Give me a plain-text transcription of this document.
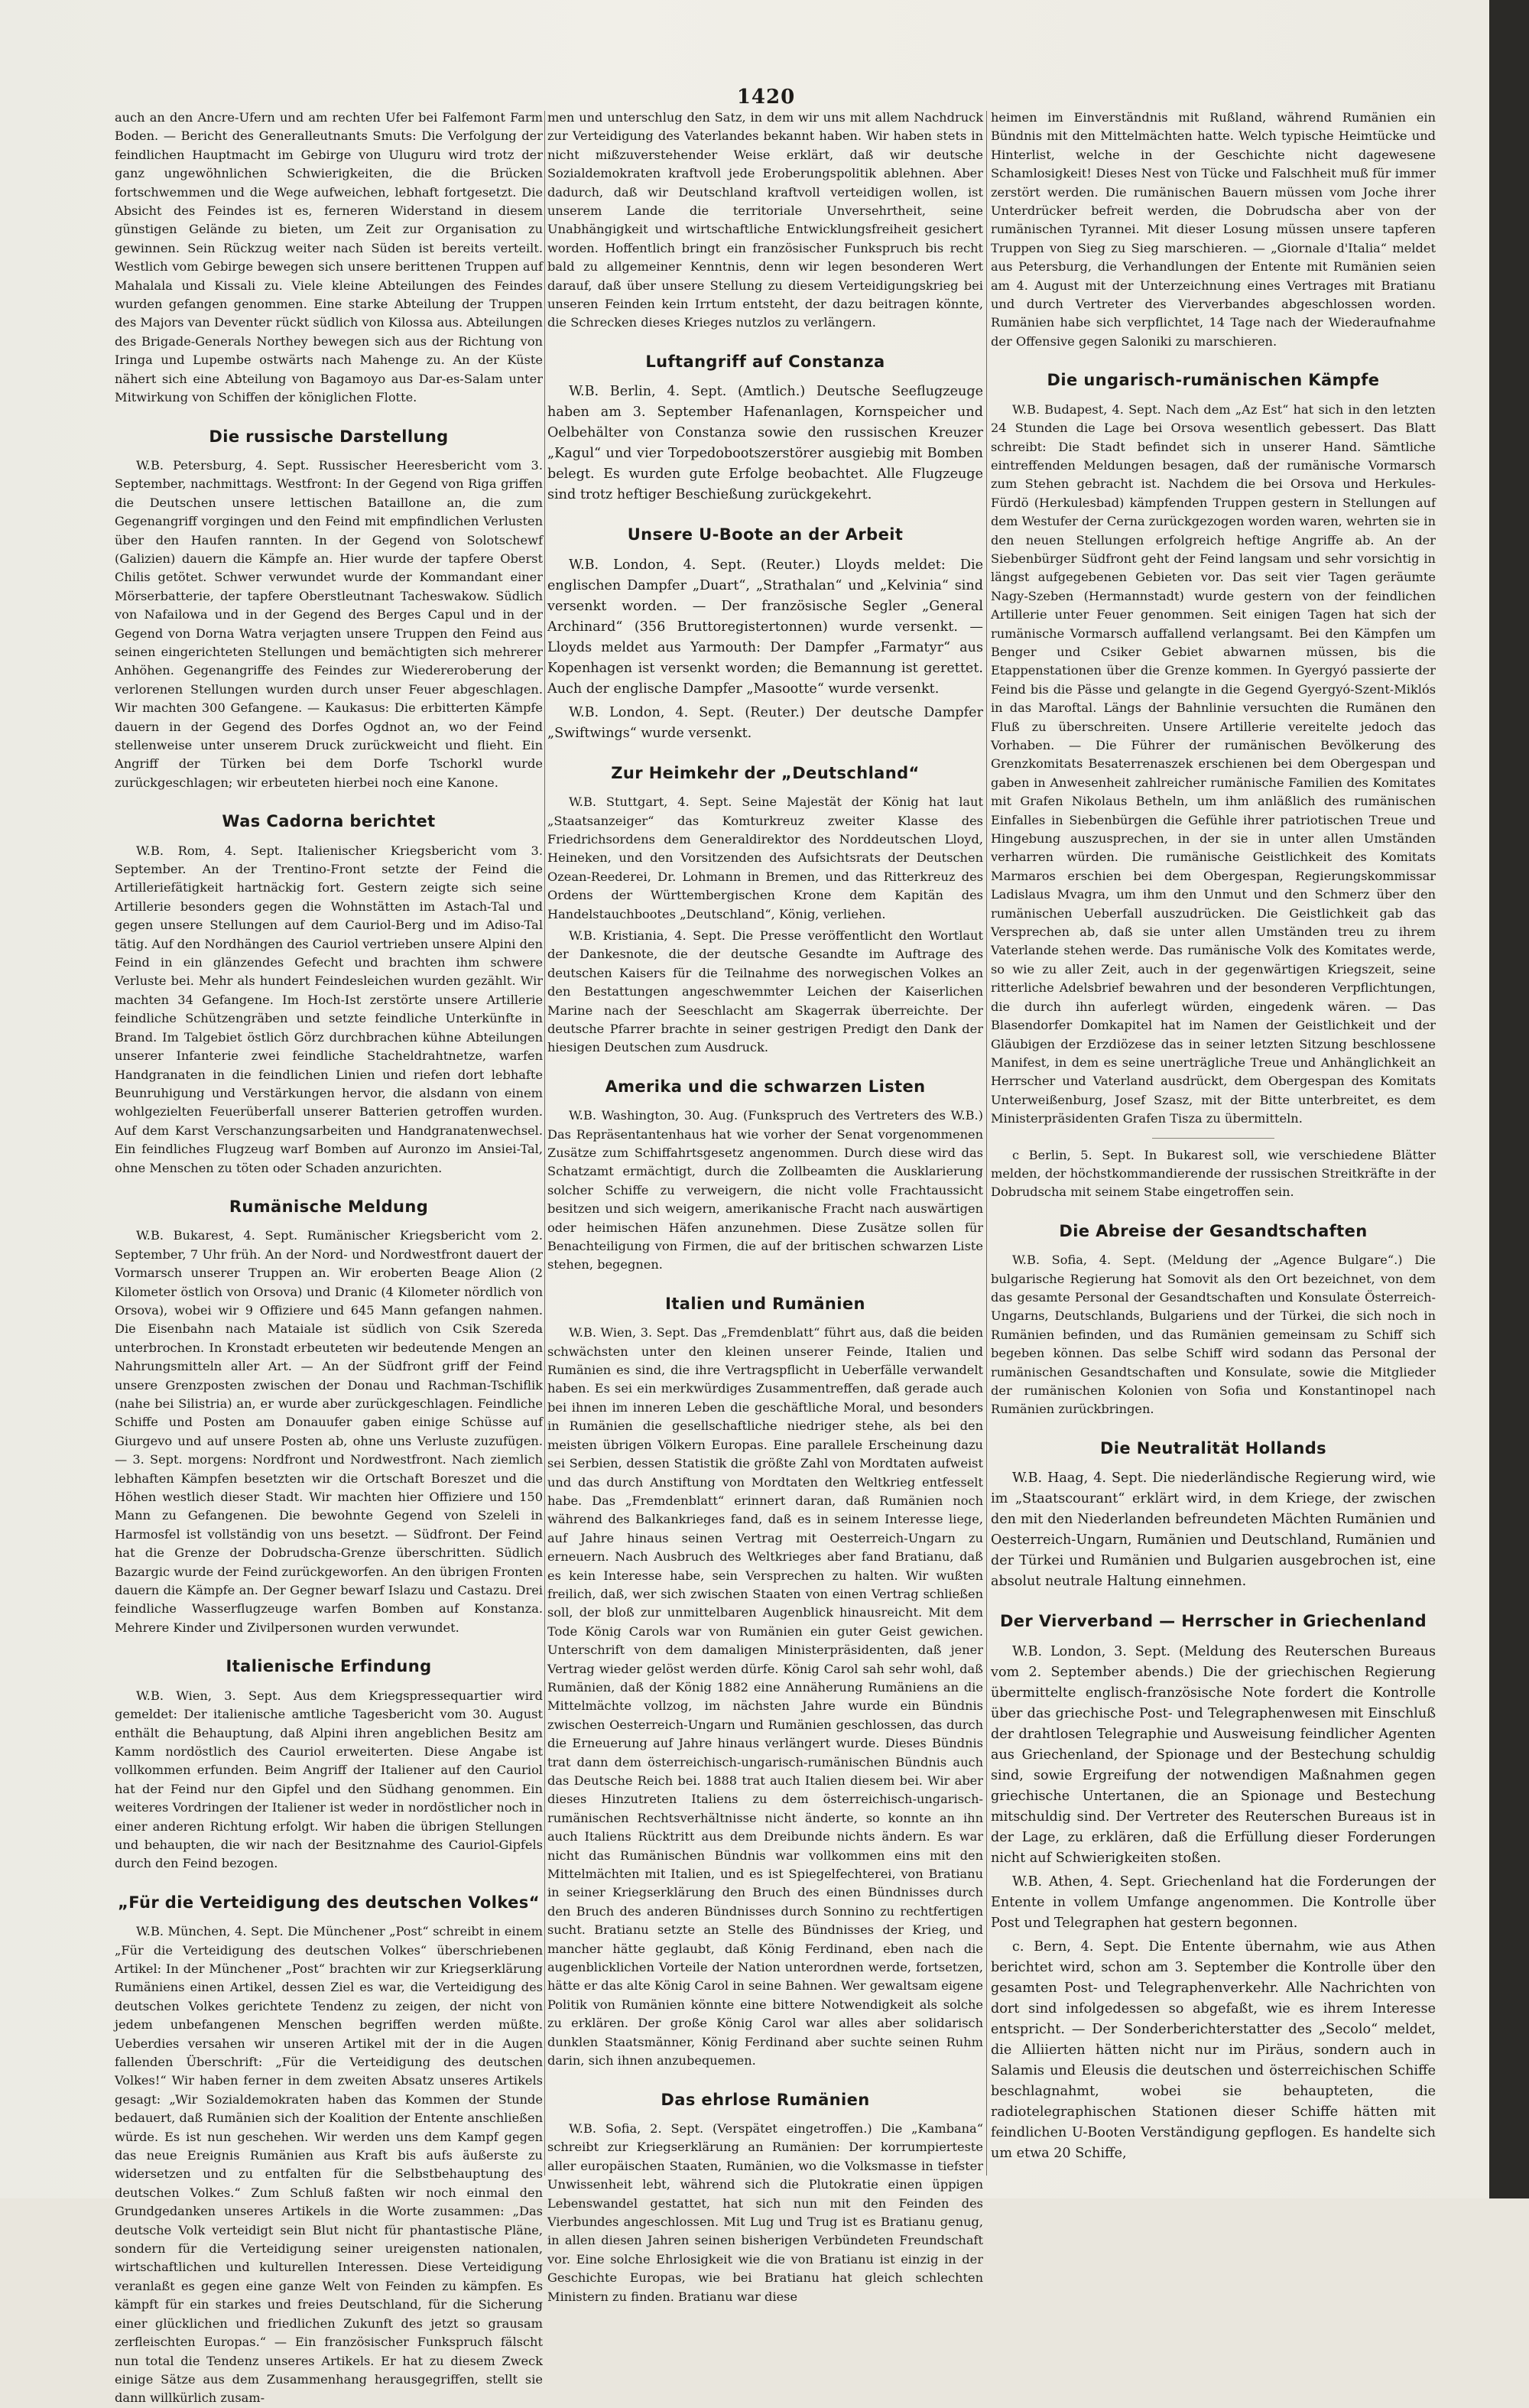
1420

auch an den Ancre-Ufern und am rechten Ufer bei Falfemont Farm Boden. — Bericht des Generalleutnants Smuts: Die Verfolgung der feindlichen Hauptmacht im Gebirge von Uluguru wird trotz der ganz ungewöhnlichen Schwierigkeiten, die die Brücken fortschwemmen und die Wege aufweichen, lebhaft fortgesetzt. Die Absicht des Feindes ist es, ferneren Widerstand in diesem günstigen Gelände zu bieten, um Zeit zur Organisation zu gewinnen. Sein Rückzug weiter nach Süden ist bereits verteilt. Westlich vom Gebirge bewegen sich unsere berittenen Truppen auf Mahalala und Kissali zu. Viele kleine Abteilungen des Feindes wurden gefangen genommen. Eine starke Abteilung der Truppen des Majors van Deventer rückt südlich von Kilossa aus. Abteilungen des Brigade-Generals Northey bewegen sich aus der Richtung von Iringa und Lupembe ostwärts nach Mahenge zu. An der Küste nähert sich eine Abteilung von Bagamoyo aus Dar-es-Salam unter Mitwirkung von Schiffen der königlichen Flotte.

Die russische Darstellung

W.B. Petersburg, 4. Sept. Russischer Heeresbericht vom 3. September, nachmittags. Westfront: In der Gegend von Riga griffen die Deutschen unsere lettischen Bataillone an, die zum Gegenangriff vorgingen und den Feind mit empfindlichen Verlusten über den Haufen rannten. In der Gegend von Solotschewf (Galizien) dauern die Kämpfe an. Hier wurde der tapfere Oberst Chilis getötet. Schwer verwundet wurde der Kommandant einer Mörserbatterie, der tapfere Oberstleutnant Tacheswakow. Südlich von Nafailowa und in der Gegend des Berges Capul und in der Gegend von Dorna Watra verjagten unsere Truppen den Feind aus seinen eingerichteten Stellungen und bemächtigten sich mehrerer Anhöhen. Gegenangriffe des Feindes zur Wiedereroberung der verlorenen Stellungen wurden durch unser Feuer abgeschlagen. Wir machten 300 Gefangene. — Kaukasus: Die erbitterten Kämpfe dauern in der Gegend des Dorfes Ogdnot an, wo der Feind stellenweise unter unserem Druck zurückweicht und flieht. Ein Angriff der Türken bei dem Dorfe Tschorkl wurde zurückgeschlagen; wir erbeuteten hierbei noch eine Kanone.

Was Cadorna berichtet

W.B. Rom, 4. Sept. Italienischer Kriegsbericht vom 3. September. An der Trentino-Front setzte der Feind die Artilleriefätigkeit hartnäckig fort. Gestern zeigte sich seine Artillerie besonders gegen die Wohnstätten im Astach-Tal und gegen unsere Stellungen auf dem Cauriol-Berg und im Adiso-Tal tätig. Auf den Nordhängen des Cauriol vertrieben unsere Alpini den Feind in ein glänzendes Gefecht und brachten ihm schwere Verluste bei. Mehr als hundert Feindesleichen wurden gezählt. Wir machten 34 Gefangene. Im Hoch-Ist zerstörte unsere Artillerie feindliche Schützengräben und setzte feindliche Unterkünfte in Brand. Im Talgebiet östlich Görz durchbrachen kühne Abteilungen unserer Infanterie zwei feindliche Stacheldrahtnetze, warfen Handgranaten in die feindlichen Linien und riefen dort lebhafte Beunruhigung und Verstärkungen hervor, die alsdann von einem wohlgezielten Feuerüberfall unserer Batterien getroffen wurden. Auf dem Karst Verschanzungsarbeiten und Handgranatenwechsel. Ein feindliches Flugzeug warf Bomben auf Auronzo im Ansiei-Tal, ohne Menschen zu töten oder Schaden anzurichten.

Rumänische Meldung

W.B. Bukarest, 4. Sept. Rumänischer Kriegsbericht vom 2. September, 7 Uhr früh. An der Nord- und Nordwestfront dauert der Vormarsch unserer Truppen an. Wir eroberten Beage Alion (2 Kilometer östlich von Orsova) und Dranic (4 Kilometer nördlich von Orsova), wobei wir 9 Offiziere und 645 Mann gefangen nahmen. Die Eisenbahn nach Mataiale ist südlich von Csik Szereda unterbrochen. In Kronstadt erbeuteten wir bedeutende Mengen an Nahrungsmitteln aller Art. — An der Südfront griff der Feind unsere Grenzposten zwischen der Donau und Rachman-Tschiflik (nahe bei Silistria) an, er wurde aber zurückgeschlagen. Feindliche Schiffe und Posten am Donauufer gaben einige Schüsse auf Giurgevo und auf unsere Posten ab, ohne uns Verluste zuzufügen. — 3. Sept. morgens: Nordfront und Nordwestfront. Nach ziemlich lebhaften Kämpfen besetzten wir die Ortschaft Boreszet und die Höhen westlich dieser Stadt. Wir machten hier Offiziere und 150 Mann zu Gefangenen. Die bewohnte Gegend von Szeleli in Harmosfel ist vollständig von uns besetzt. — Südfront. Der Feind hat die Grenze der Dobrudscha-Grenze überschritten. Südlich Bazargic wurde der Feind zurückgeworfen. An den übrigen Fronten dauern die Kämpfe an. Der Gegner bewarf Islazu und Castazu. Drei feindliche Wasserflugzeuge warfen Bomben auf Konstanza. Mehrere Kinder und Zivilpersonen wurden verwundet.

Italienische Erfindung

W.B. Wien, 3. Sept. Aus dem Kriegspressequartier wird gemeldet: Der italienische amtliche Tagesbericht vom 30. August enthält die Behauptung, daß Alpini ihren angeblichen Besitz am Kamm nordöstlich des Cauriol erweiterten. Diese Angabe ist vollkommen erfunden. Beim Angriff der Italiener auf den Cauriol hat der Feind nur den Gipfel und den Südhang genommen. Ein weiteres Vordringen der Italiener ist weder in nordöstlicher noch in einer anderen Richtung erfolgt. Wir haben die übrigen Stellungen und behaupten, die wir nach der Besitznahme des Cauriol-Gipfels durch den Feind bezogen.

„Für die Verteidigung des deutschen Volkes“

W.B. München, 4. Sept. Die Münchener „Post“ schreibt in einem „Für die Verteidigung des deutschen Volkes“ überschriebenen Artikel: In der Münchener „Post“ brachten wir zur Kriegserklärung Rumäniens einen Artikel, dessen Ziel es war, die Verteidigung des deutschen Volkes gerichtete Tendenz zu zeigen, der nicht von jedem unbefangenen Menschen begriffen werden müßte. Ueberdies versahen wir unseren Artikel mit der in die Augen fallenden Überschrift: „Für die Verteidigung des deutschen Volkes!“ Wir haben ferner in dem zweiten Absatz unseres Artikels gesagt: „Wir Sozialdemokraten haben das Kommen der Stunde bedauert, daß Rumänien sich der Koalition der Entente anschließen würde. Es ist nun geschehen. Wir werden uns dem Kampf gegen das neue Ereignis Rumänien aus Kraft bis aufs äußerste zu widersetzen und zu entfalten für die Selbstbehauptung des deutschen Volkes.“ Zum Schluß faßten wir noch einmal den Grundgedanken unseres Artikels in die Worte zusammen: „Das deutsche Volk verteidigt sein Blut nicht für phantastische Pläne, sondern für die Verteidigung seiner ureigensten nationalen, wirtschaftlichen und kulturellen Interessen. Diese Verteidigung veranlaßt es gegen eine ganze Welt von Feinden zu kämpfen. Es kämpft für ein starkes und freies Deutschland, für die Sicherung einer glücklichen und friedlichen Zukunft des jetzt so grausam zerfleischten Europas.“ — Ein französischer Funkspruch fälscht nun total die Tendenz unseres Artikels. Er hat zu diesem Zweck einige Sätze aus dem Zusammenhang herausgegriffen, stellt sie dann willkürlich zusam-

men und unterschlug den Satz, in dem wir uns mit allem Nachdruck zur Verteidigung des Vaterlandes bekannt haben. Wir haben stets in nicht mißzuverstehender Weise erklärt, daß wir deutsche Sozialdemokraten kraftvoll jede Eroberungspolitik ablehnen. Aber dadurch, daß wir Deutschland kraftvoll verteidigen wollen, ist unserem Lande die territoriale Unversehrtheit, seine Unabhängigkeit und wirtschaftliche Entwicklungsfreiheit gesichert worden. Hoffentlich bringt ein französischer Funkspruch bis recht bald zu allgemeiner Kenntnis, denn wir legen besonderen Wert darauf, daß über unsere Stellung zu diesem Verteidigungskrieg bei unseren Feinden kein Irrtum entsteht, der dazu beitragen könnte, die Schrecken dieses Krieges nutzlos zu verlängern.

Luftangriff auf Constanza

W.B. Berlin, 4. Sept. (Amtlich.) Deutsche Seeflugzeuge haben am 3. September Hafenanlagen, Kornspeicher und Oelbehälter von Constanza sowie den russischen Kreuzer „Kagul“ und vier Torpedobootszerstörer ausgiebig mit Bomben belegt. Es wurden gute Erfolge beobachtet. Alle Flugzeuge sind trotz heftiger Beschießung zurückgekehrt.

Unsere U-Boote an der Arbeit

W.B. London, 4. Sept. (Reuter.) Lloyds meldet: Die englischen Dampfer „Duart“, „Strathalan“ und „Kelvinia“ sind versenkt worden. — Der französische Segler „General Archinard“ (356 Bruttoregistertonnen) wurde versenkt. — Lloyds meldet aus Yarmouth: Der Dampfer „Farmatyr“ aus Kopenhagen ist versenkt worden; die Bemannung ist gerettet. Auch der englische Dampfer „Masootte“ wurde versenkt.

W.B. London, 4. Sept. (Reuter.) Der deutsche Dampfer „Swiftwings“ wurde versenkt.

Zur Heimkehr der „Deutschland“

W.B. Stuttgart, 4. Sept. Seine Majestät der König hat laut „Staatsanzeiger“ das Komturkreuz zweiter Klasse des Friedrichsordens dem Generaldirektor des Norddeutschen Lloyd, Heineken, und den Vorsitzenden des Aufsichtsrats der Deutschen Ozean-Reederei, Dr. Lohmann in Bremen, und das Ritterkreuz des Ordens der Württembergischen Krone dem Kapitän des Handelstauchbootes „Deutschland“, König, verliehen.

W.B. Kristiania, 4. Sept. Die Presse veröffentlicht den Wortlaut der Dankesnote, die der deutsche Gesandte im Auftrage des deutschen Kaisers für die Teilnahme des norwegischen Volkes an den Bestattungen angeschwemmter Leichen der Kaiserlichen Marine nach der Seeschlacht am Skagerrak überreichte. Der deutsche Pfarrer brachte in seiner gestrigen Predigt den Dank der hiesigen Deutschen zum Ausdruck.

Amerika und die schwarzen Listen

W.B. Washington, 30. Aug. (Funkspruch des Vertreters des W.B.) Das Repräsentantenhaus hat wie vorher der Senat vorgenommenen Zusätze zum Schiffahrtsgesetz angenommen. Durch diese wird das Schatzamt ermächtigt, durch die Zollbeamten die Ausklarierung solcher Schiffe zu verweigern, die nicht volle Frachtaussicht besitzen und sich weigern, amerikanische Fracht nach auswärtigen oder heimischen Häfen anzunehmen. Diese Zusätze sollen für Benachteiligung von Firmen, die auf der britischen schwarzen Liste stehen, begegnen.

Italien und Rumänien

W.B. Wien, 3. Sept. Das „Fremdenblatt“ führt aus, daß die beiden schwächsten unter den kleinen unserer Feinde, Italien und Rumänien es sind, die ihre Vertragspflicht in Ueberfälle verwandelt haben. Es sei ein merkwürdiges Zusammentreffen, daß gerade auch bei ihnen im inneren Leben die geschäftliche Moral, und besonders in Rumänien die gesellschaftliche niedriger stehe, als bei den meisten übrigen Völkern Europas. Eine parallele Erscheinung dazu sei Serbien, dessen Statistik die größte Zahl von Mordtaten aufweist und das durch Anstiftung von Mordtaten den Weltkrieg entfesselt habe. Das „Fremdenblatt“ erinnert daran, daß Rumänien noch während des Balkankrieges fand, daß es in seinem Interesse liege, auf Jahre hinaus seinen Vertrag mit Oesterreich-Ungarn zu erneuern. Nach Ausbruch des Weltkrieges aber fand Bratianu, daß es kein Interesse habe, sein Versprechen zu halten. Wir wußten freilich, daß, wer sich zwischen Staaten von einen Vertrag schließen soll, der bloß zur unmittelbaren Augenblick hinausreicht. Mit dem Tode König Carols war von Rumänien ein guter Geist gewichen. Unterschrift von dem damaligen Ministerpräsidenten, daß jener Vertrag wieder gelöst werden dürfe. König Carol sah sehr wohl, daß Rumänien, daß der König 1882 eine Annäherung Rumäniens an die Mittelmächte vollzog, im nächsten Jahre wurde ein Bündnis zwischen Oesterreich-Ungarn und Rumänien geschlossen, das durch die Erneuerung auf Jahre hinaus verlängert wurde. Dieses Bündnis trat dann dem österreichisch-ungarisch-rumänischen Bündnis auch das Deutsche Reich bei. 1888 trat auch Italien diesem bei. Wir aber dieses Hinzutreten Italiens zu dem österreichisch-ungarisch-rumänischen Rechtsverhältnisse nicht änderte, so konnte an ihn auch Italiens Rücktritt aus dem Dreibunde nichts ändern. Es war nicht das Rumänischen Bündnis war vollkommen eins mit den Mittelmächten mit Italien, und es ist Spiegelfechterei, von Bratianu in seiner Kriegserklärung den Bruch des einen Bündnisses durch den Bruch des anderen Bündnisses durch Sonnino zu rechtfertigen sucht. Bratianu setzte an Stelle des Bündnisses der Krieg, und mancher hätte geglaubt, daß König Ferdinand, eben nach die augenblicklichen Vorteile der Nation unterordnen werde, fortsetzen, hätte er das alte König Carol in seine Bahnen. Wer gewaltsam eigene Politik von Rumänien könnte eine bittere Notwendigkeit als solche zu erklären. Der große König Carol war alles aber solidarisch dunklen Staatsmänner, König Ferdinand aber suchte seinen Ruhm darin, sich ihnen anzubequemen.

Das ehrlose Rumänien

W.B. Sofia, 2. Sept. (Verspätet eingetroffen.) Die „Kambana“ schreibt zur Kriegserklärung an Rumänien: Der korrumpierteste aller europäischen Staaten, Rumänien, wo die Volksmasse in tiefster Unwissenheit lebt, während sich die Plutokratie einen üppigen Lebenswandel gestattet, hat sich nun mit den Feinden des Vierbundes angeschlossen. Mit Lug und Trug ist es Bratianu genug, in allen diesen Jahren seinen bisherigen Verbündeten Freundschaft vor. Eine solche Ehrlosigkeit wie die von Bratianu ist einzig in der Geschichte Europas, wie bei Bratianu hat gleich schlechten Ministern zu finden. Bratianu war diese

heimen im Einverständnis mit Rußland, während Rumänien ein Bündnis mit den Mittelmächten hatte. Welch typische Heimtücke und Hinterlist, welche in der Geschichte nicht dagewesene Schamlosigkeit! Dieses Nest von Tücke und Falschheit muß für immer zerstört werden. Die rumänischen Bauern müssen vom Joche ihrer Unterdrücker befreit werden, die Dobrudscha aber von der rumänischen Tyrannei. Mit dieser Losung müssen unsere tapferen Truppen von Sieg zu Sieg marschieren. — „Giornale d'Italia“ meldet aus Petersburg, die Verhandlungen der Entente mit Rumänien seien am 4. August mit der Unterzeichnung eines Vertrages mit Bratianu und durch Vertreter des Vierverbandes abgeschlossen worden. Rumänien habe sich verpflichtet, 14 Tage nach der Wiederaufnahme der Offensive gegen Saloniki zu marschieren.

Die ungarisch-rumänischen Kämpfe

W.B. Budapest, 4. Sept. Nach dem „Az Est“ hat sich in den letzten 24 Stunden die Lage bei Orsova wesentlich gebessert. Das Blatt schreibt: Die Stadt befindet sich in unserer Hand. Sämtliche eintreffenden Meldungen besagen, daß der rumänische Vormarsch zum Stehen gebracht ist. Nachdem die bei Orsova und Herkules-Fürdö (Herkulesbad) kämpfenden Truppen gestern in Stellungen auf dem Westufer der Cerna zurückgezogen worden waren, wehrten sie in den neuen Stellungen erfolgreich heftige Angriffe ab. An der Siebenbürger Südfront geht der Feind langsam und sehr vorsichtig in längst aufgegebenen Gebieten vor. Das seit vier Tagen geräumte Nagy-Szeben (Hermannstadt) wurde gestern von der feindlichen Artillerie unter Feuer genommen. Seit einigen Tagen hat sich der rumänische Vormarsch auffallend verlangsamt. Bei den Kämpfen um Benger und Csiker Gebiet abwarnen müssen, bis die Etappenstationen über die Grenze kommen. In Gyergyó passierte der Feind bis die Pässe und gelangte in die Gegend Gyergyó-Szent-Miklós in das Maroftal. Längs der Bahnlinie versuchten die Rumänen den Fluß zu überschreiten. Unsere Artillerie vereitelte jedoch das Vorhaben. — Die Führer der rumänischen Bevölkerung des Grenzkomitats Besaterrenaszek erschienen bei dem Obergespan und gaben in Anwesenheit zahlreicher rumänische Familien des Komitates mit Grafen Nikolaus Betheln, um ihm anläßlich des rumänischen Einfalles in Siebenbürgen die Gefühle ihrer patriotischen Treue und Hingebung auszusprechen, in der sie in unter allen Umständen verharren würden. Die rumänische Geistlichkeit des Komitats Marmaros erschien bei dem Obergespan, Regierungskommissar Ladislaus Mvagra, um ihm den Unmut und den Schmerz über den rumänischen Ueberfall auszudrücken. Die Geistlichkeit gab das Versprechen ab, daß sie unter allen Umständen treu zu ihrem Vaterlande stehen werde. Das rumänische Volk des Komitates werde, so wie zu aller Zeit, auch in der gegenwärtigen Kriegszeit, seine ritterliche Adelsbrief bewahren und der besonderen Verpflichtungen, die durch ihn auferlegt würden, eingedenk wären. — Das Blasendorfer Domkapitel hat im Namen der Geistlichkeit und der Gläubigen der Erzdiözese das in seiner letzten Sitzung beschlossene Manifest, in dem es seine unerträgliche Treue und Anhänglichkeit an Herrscher und Vaterland ausdrückt, dem Obergespan des Komitats Unterweißenburg, Josef Szasz, mit der Bitte unterbreitet, es dem Ministerpräsidenten Grafen Tisza zu übermitteln.

c Berlin, 5. Sept. In Bukarest soll, wie verschiedene Blätter melden, der höchstkommandierende der russischen Streitkräfte in der Dobrudscha mit seinem Stabe eingetroffen sein.

Die Abreise der Gesandtschaften

W.B. Sofia, 4. Sept. (Meldung der „Agence Bulgare“.) Die bulgarische Regierung hat Somovit als den Ort bezeichnet, von dem das gesamte Personal der Gesandtschaften und Konsulate Österreich-Ungarns, Deutschlands, Bulgariens und der Türkei, die sich noch in Rumänien befinden, und das Rumänien gemeinsam zu Schiff sich begeben können. Das selbe Schiff wird sodann das Personal der rumänischen Gesandtschaften und Konsulate, sowie die Mitglieder der rumänischen Kolonien von Sofia und Konstantinopel nach Rumänien zurückbringen.

Die Neutralität Hollands

W.B. Haag, 4. Sept. Die niederländische Regierung wird, wie im „Staatscourant“ erklärt wird, in dem Kriege, der zwischen den mit den Niederlanden befreundeten Mächten Rumänien und Oesterreich-Ungarn, Rumänien und Deutschland, Rumänien und der Türkei und Rumänien und Bulgarien ausgebrochen ist, eine absolut neutrale Haltung einnehmen.

Der Vierverband — Herrscher in Griechenland

W.B. London, 3. Sept. (Meldung des Reuterschen Bureaus vom 2. September abends.) Die der griechischen Regierung übermittelte englisch-französische Note fordert die Kontrolle über das griechische Post- und Telegraphenwesen mit Einschluß der drahtlosen Telegraphie und Ausweisung feindlicher Agenten aus Griechenland, der Spionage und der Bestechung schuldig sind, sowie Ergreifung der notwendigen Maßnahmen gegen griechische Untertanen, die an Spionage und Bestechung mitschuldig sind. Der Vertreter des Reuterschen Bureaus ist in der Lage, zu erklären, daß die Erfüllung dieser Forderungen nicht auf Schwierigkeiten stoßen.

W.B. Athen, 4. Sept. Griechenland hat die Forderungen der Entente in vollem Umfange angenommen. Die Kontrolle über Post und Telegraphen hat gestern begonnen.

c. Bern, 4. Sept. Die Entente übernahm, wie aus Athen berichtet wird, schon am 3. September die Kontrolle über den gesamten Post- und Telegraphenverkehr. Alle Nachrichten von dort sind infolgedessen so abgefaßt, wie es ihrem Interesse entspricht. — Der Sonderberichterstatter des „Secolo“ meldet, die Alliierten hätten nicht nur im Piräus, sondern auch in Salamis und Eleusis die deutschen und österreichischen Schiffe beschlagnahmt, wobei sie behaupteten, die radiotelegraphischen Stationen dieser Schiffe hätten mit feindlichen U-Booten Verständigung gepflogen. Es handelte sich um etwa 20 Schiffe,
